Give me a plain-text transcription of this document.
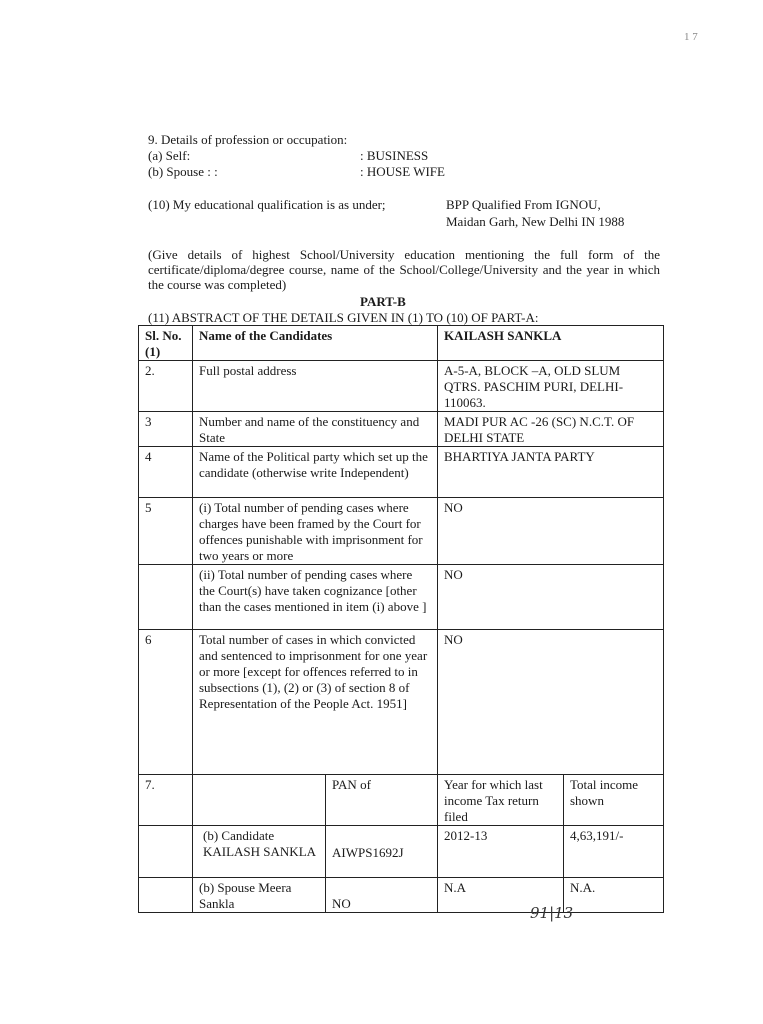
1 7
9. Details of profession or occupation:
(a) Self:	: BUSINESS
(b) Spouse : :	: HOUSE WIFE
(10) My educational qualification is as under;	BPP Qualified From IGNOU,
Maidan Garh, New Delhi IN 1988
(Give details of highest School/University education mentioning the full form of the certificate/diploma/degree course, name of the School/College/University and the year in which the course was completed)
PART-B
(11) ABSTRACT OF THE DETAILS GIVEN IN (1) TO (10) OF PART-A:
Sl. No.(1)	Name of the Candidates		KAILASH SANKLA	
2.	Full postal address		A-5-A, BLOCK –A, OLD SLUM QTRS. PASCHIM PURI, DELHI-110063.	
3	Number and name of the constituency and State		MADI PUR AC -26 (SC) N.C.T. OF DELHI STATE	
4	Name of the Political party which set up the candidate (otherwise write Independent)		BHARTIYA JANTA PARTY	
5	(i) Total number of pending cases where charges have been framed by the Court for offences punishable with imprisonment for two years or more		NO	
	(ii) Total number of pending cases where the Court(s) have taken cognizance [other than the cases mentioned in item (i) above ]		NO	
6	Total number of cases in which convicted and sentenced to imprisonment for one year or more [except for offences referred to in subsections (1), (2) or (3) of section 8 of Representation of the People Act. 1951]		NO	
7.		PAN of	Year for which last income Tax return filed	Total income shown
	(b) Candidate KAILASH SANKLA	AIWPS1692J	2012-13	4,63,191/-
	(b) Spouse Meera Sankla	NO	N.A	N.A.
91|13
